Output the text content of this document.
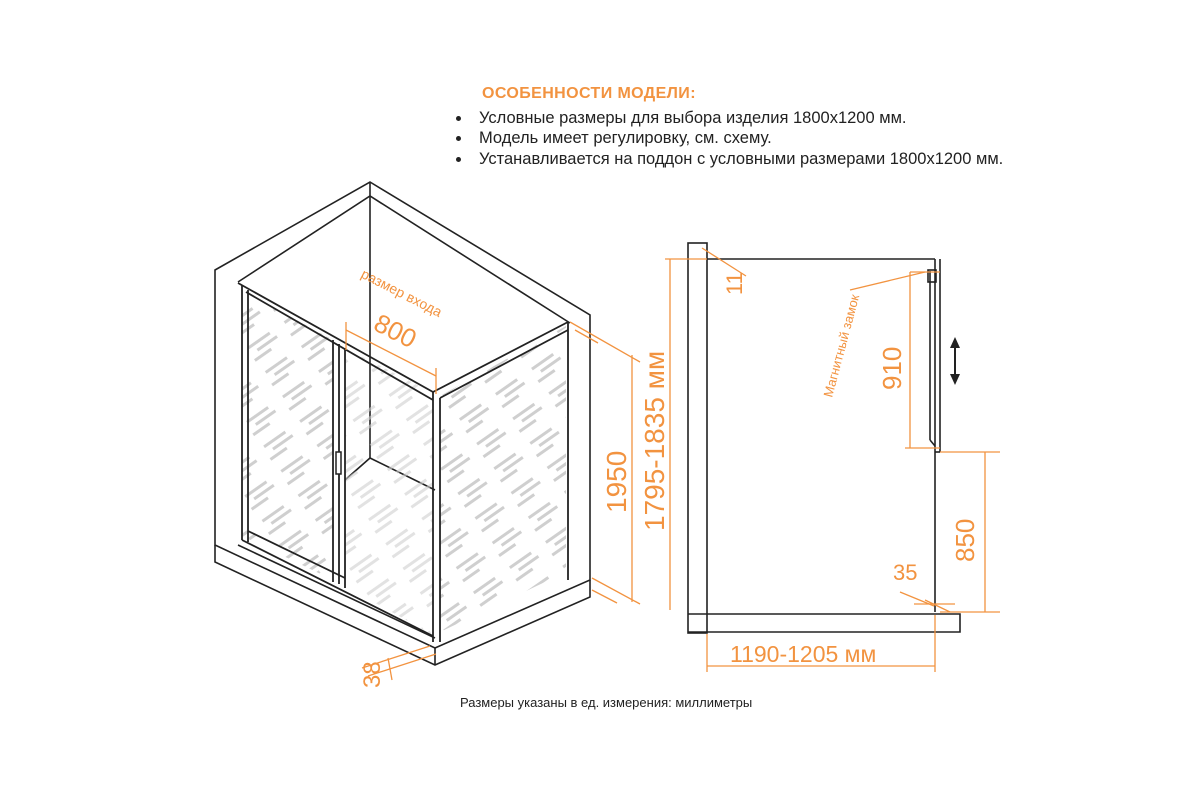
ОСОБЕННОСТИ МОДЕЛИ:
Условные размеры для выбора изделия 1800х1200 мм.
Модель имеет регулировку, см. схему.
Устанавливается на поддон с условными размерами 1800х1200 мм.
размер входа
800
1950 1795-1835 мм
38
1190-1205 мм
11
910
Магнитный замок
850
35
Размеры указаны в ед. измерения: миллиметры
